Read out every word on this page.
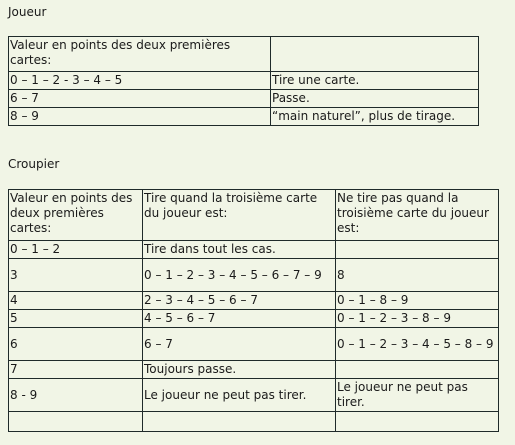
Joueur
Valeur en points des deux premières cartes:	
0 – 1 – 2 - 3 – 4 – 5	Tire une carte.
6 – 7	Passe.
8 – 9	“main naturel”, plus de tirage.
Croupier
Valeur en points des deux premières cartes:	Tire quand la troisième carte du joueur est:	Ne tire pas quand la troisième carte du joueur est:
0 – 1 – 2	Tire dans tout les cas.	
3	0 – 1 – 2 – 3 – 4 – 5 – 6 – 7 – 9	8
4	2 – 3 – 4 – 5 – 6 – 7	0 – 1 – 8 – 9
5	4 – 5 – 6 – 7	0 – 1 – 2 – 3 – 8 – 9
6	6 – 7	0 – 1 – 2 – 3 – 4 – 5 – 8 – 9
7	Toujours passe.	
8 - 9	Le joueur ne peut pas tirer.	Le joueur ne peut pas tirer.
